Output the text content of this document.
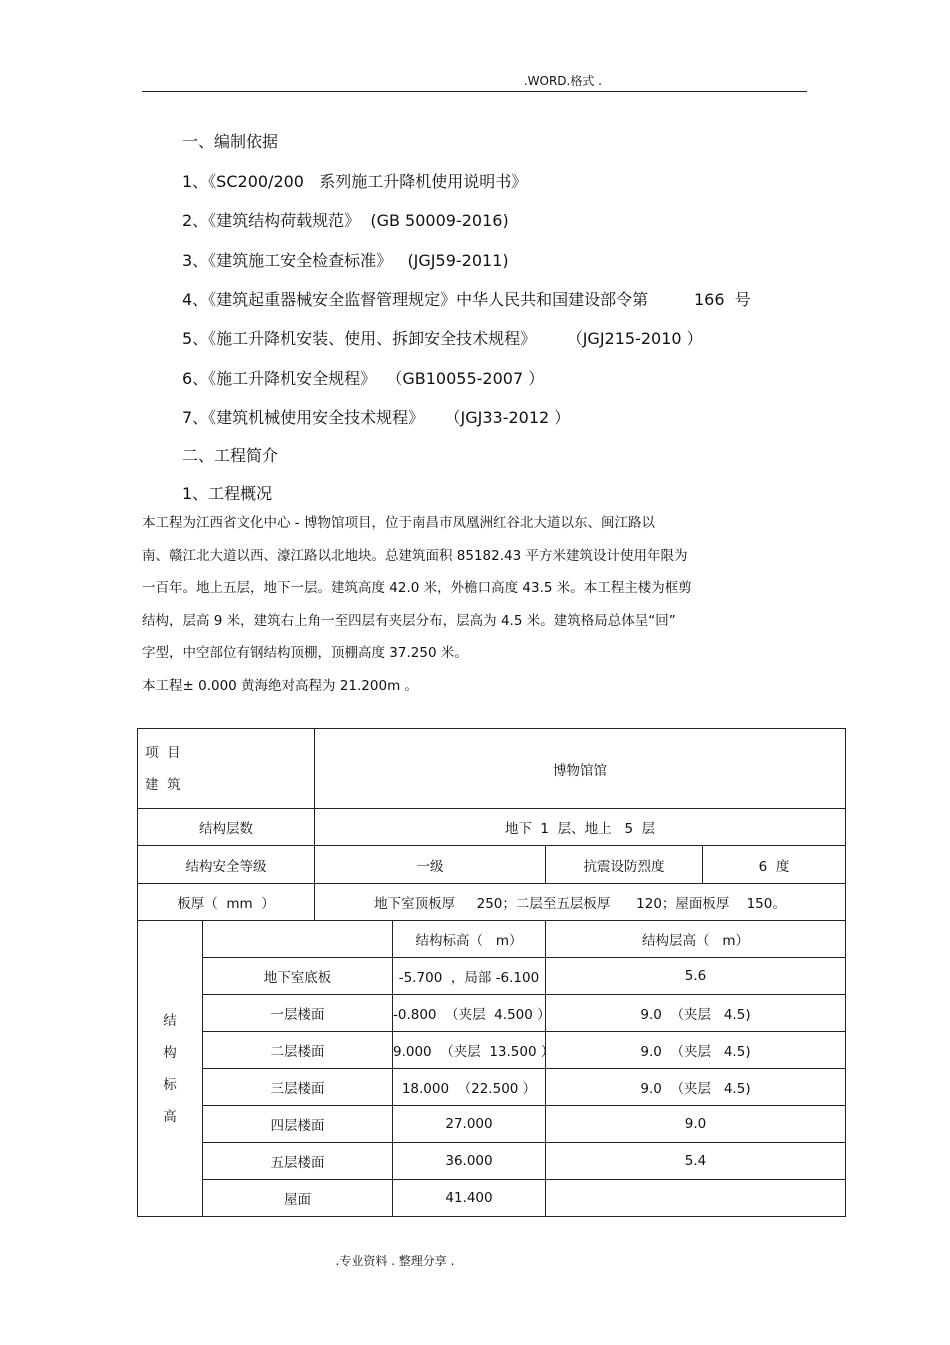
.WORD.格式 .
一、编制依据
1、《SC200/200   系列施工升降机使用说明书》
2、《建筑结构荷载规范》  (GB 50009-2016)
3、《建筑施工安全检查标准》   (JGJ59-2011)
4、《建筑起重器械安全监督管理规定》中华人民共和国建设部令第         166  号
5、《施工升降机安装、使用、拆卸安全技术规程》      （JGJ215-2010 ）
6、《施工升降机安全规程》  （GB10055-2007 ）
7、《建筑机械使用安全技术规程》    （JGJ33-2012 ）
二、工程简介
1、工程概况

本工程为江西省文化中心 - 博物馆项目，位于南昌市凤凰洲红谷北大道以东、闽江路以

南、赣江北大道以西、濠江路以北地块。总建筑面积 85182.43 平方米建筑设计使用年限为

一百年。地上五层，地下一层。建筑高度 42.0 米，外檐口高度 43.5 米。本工程主楼为框剪

结构，层高 9 米，建筑右上角一至四层有夹层分布，层高为 4.5 米。建筑格局总体呈“回”

字型，中空部位有钢结构顶棚，顶棚高度 37.250 米。

本工程± 0.000 黄海绝对高程为 21.200m 。

项  目
建  筑		博物馆馆		
结构层数		地下  1  层、地上   5  层		
结构安全等级		一级		抗震设防烈度 6  度

板厚（  mm  ）		地下室顶板厚     250；二层至五层板厚      120；屋面板厚    150。		

结
构
标
高			结构标高（   m）	结构层高（   m）
	地下室底板		-5.700  ，局部 -6.100	5.6
	一层楼面		-0.800  （夹层  4.500 ）	9.0  （夹层   4.5)
	二层楼面		9.000  （夹层  13.500 ）	9.0  （夹层   4.5)
	三层楼面		18.000  （22.500 ）	9.0  （夹层   4.5)
	四层楼面		27.000	9.0
	五层楼面		36.000	5.4
	屋面		41.400	
.专业资料 . 整理分享 .
